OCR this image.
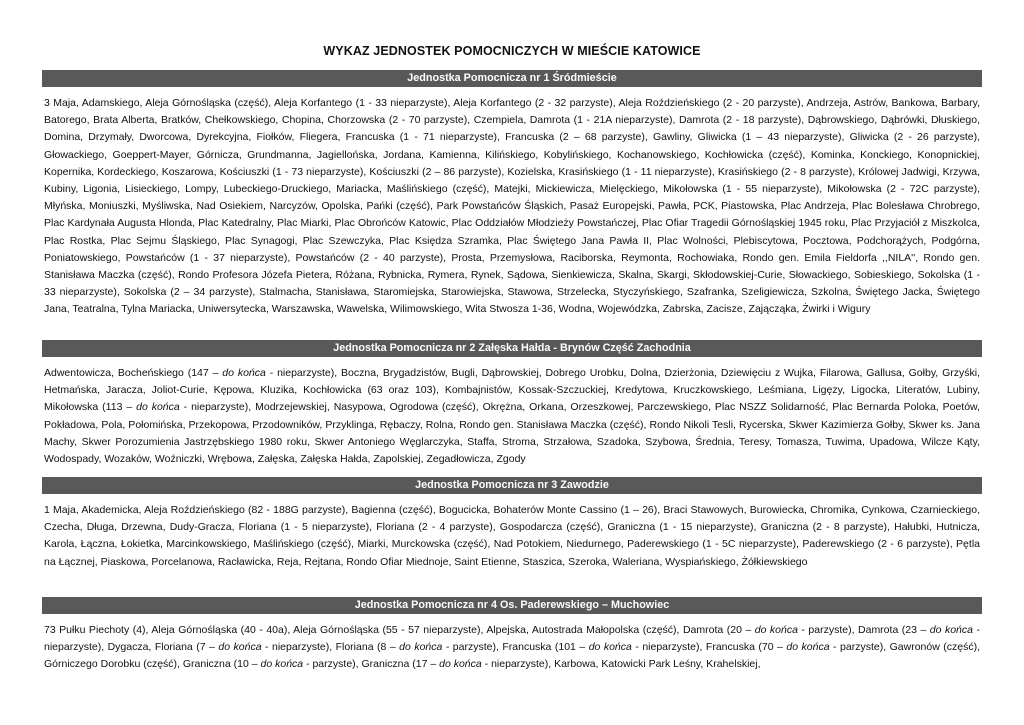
WYKAZ JEDNOSTEK POMOCNICZYCH W MIEŚCIE KATOWICE
Jednostka Pomocnicza nr 1 Śródmieście
3 Maja, Adamskiego, Aleja Górnośląska (część), Aleja Korfantego (1 - 33 nieparzyste), Aleja Korfantego (2 - 32 parzyste), Aleja Roździeńskiego (2 - 20 parzyste), Andrzeja, Astrów, Bankowa, Barbary, Batorego, Brata Alberta, Bratków, Chełkowskiego, Chopina, Chorzowska (2 - 70 parzyste), Czempiela, Damrota (1 - 21A nieparzyste), Damrota (2 - 18 parzyste), Dąbrowskiego, Dąbrówki, Dłuskiego, Domina, Drzymały, Dworcowa, Dyrekcyjna, Fiołków, Fliegera, Francuska (1 - 71 nieparzyste), Francuska (2 – 68 parzyste), Gawliny, Gliwicka (1 – 43 nieparzyste), Gliwicka (2 - 26 parzyste), Głowackiego, Goeppert-Mayer, Górnicza, Grundmanna, Jagiellońska, Jordana, Kamienna, Kilińskiego, Kobylińskiego, Kochanowskiego, Kochłowicka (część), Kominka, Konckiego, Konopnickiej, Kopernika, Kordeckiego, Koszarowa, Kościuszki (1 - 73 nieparzyste), Kościuszki (2 – 86 parzyste), Kozielska, Krasińskiego (1 - 11 nieparzyste), Krasińskiego (2 - 8 parzyste), Królowej Jadwigi, Krzywa, Kubiny, Ligonia, Lisieckiego, Lompy, Lubeckiego-Druckiego, Mariacka, Maślińskiego (część), Matejki, Mickiewicza, Mielęckiego, Mikołowska (1 - 55 nieparzyste), Mikołowska (2 - 72C parzyste), Młyńska, Moniuszki, Myśliwska, Nad Osiekiem, Narcyzów, Opolska, Pańki (część), Park Powstańców Śląskich, Pasaż Europejski, Pawła, PCK, Piastowska, Plac Andrzeja, Plac Bolesława Chrobrego, Plac Kardynała Augusta Hlonda, Plac Katedralny, Plac Miarki, Plac Obrońców Katowic, Plac Oddziałów Młodzieży Powstańczej, Plac Ofiar Tragedii Górnośląskiej 1945 roku, Plac Przyjaciół z Miszkolca, Plac Rostka, Plac Sejmu Śląskiego, Plac Synagogi, Plac Szewczyka, Plac Księdza Szramka, Plac Świętego Jana Pawła II, Plac Wolności, Plebiscytowa, Pocztowa, Podchorążych, Podgórna, Poniatowskiego, Powstańców (1 - 37 nieparzyste), Powstańców (2 - 40 parzyste), Prosta, Przemysłowa, Raciborska, Reymonta, Rochowiaka, Rondo gen. Emila Fieldorfa ,,NILA'', Rondo gen. Stanisława Maczka (część), Rondo Profesora Józefa Pietera, Różana, Rybnicka, Rymera, Rynek, Sądowa, Sienkiewicza, Skalna, Skargi, Skłodowskiej-Curie, Słowackiego, Sobieskiego, Sokolska (1 - 33 nieparzyste), Sokolska (2 – 34 parzyste), Stalmacha, Stanisława, Staromiejska, Starowiejska, Stawowa, Strzelecka, Styczyńskiego, Szafranka, Szeligiewicza, Szkolna, Świętego Jacka, Świętego Jana, Teatralna, Tylna Mariacka, Uniwersytecka, Warszawska, Wawelska, Wilimowskiego, Wita Stwosza 1-36, Wodna, Wojewódzka, Zabrska, Zacisze, Zającząka, Żwirki i Wigury
Jednostka Pomocnicza nr 2 Załęska Hałda - Brynów Część Zachodnia
Adwentowicza, Bocheńskiego (147 – do końca - nieparzyste), Boczna, Brygadzistów, Bugli, Dąbrowskiej, Dobrego Urobku, Dolna, Dzierżonia, Dziewięciu z Wujka, Filarowa, Gallusa, Gołby, Grzyśki, Hetmańska, Jaracza, Joliot-Curie, Kępowa, Kluzika, Kochłowicka (63 oraz 103), Kombajnistów, Kossak-Szczuckiej, Kredytowa, Kruczkowskiego, Leśmiana, Ligęzy, Ligocka, Literatów, Lubiny, Mikołowska (113 – do końca - nieparzyste), Modrzejewskiej, Nasypowa, Ogrodowa (część), Okrężna, Orkana, Orzeszkowej, Parczewskiego, Plac NSZZ Solidarność, Plac Bernarda Poloka, Poetów, Pokładowa, Pola, Połomińska, Przekopowa, Przodowników, Przyklinga, Rębaczy, Rolna, Rondo gen. Stanisława Maczka (część), Rondo Nikoli Tesli, Rycerska, Skwer Kazimierza Gołby, Skwer ks. Jana Machy, Skwer Porozumienia Jastrzębskiego 1980 roku, Skwer Antoniego Węglarczyka, Staffa, Stroma, Strzałowa, Szadoka, Szybowa, Średnia, Teresy, Tomasza, Tuwima, Upadowa, Wilcze Kąty, Wodospady, Wozaków, Woźniczki, Wrębowa, Załęska, Załęska Hałda, Zapolskiej, Zegadłowicza, Zgody
Jednostka Pomocnicza nr 3 Zawodzie
1 Maja, Akademicka, Aleja Roździeńskiego (82 - 188G parzyste), Bagienna (część), Bogucicka, Bohaterów Monte Cassino (1 – 26), Braci Stawowych, Burowiecka, Chromika, Cynkowa, Czarnieckiego, Czecha, Długa, Drzewna, Dudy-Gracza, Floriana (1 - 5 nieparzyste), Floriana (2 - 4 parzyste), Gospodarcza (część), Graniczna (1 - 15 nieparzyste), Graniczna (2 - 8 parzyste), Hałubki, Hutnicza, Karola, Łączna, Łokietka, Marcinkowskiego, Maślińskiego (część), Miarki, Murckowska (część), Nad Potokiem, Niedurnego, Paderewskiego (1 - 5C nieparzyste), Paderewskiego (2 - 6 parzyste), Pętla na Łącznej, Piaskowa, Porcelanowa, Racławicka, Reja, Rejtana, Rondo Ofiar Miednoje, Saint Etienne, Staszica, Szeroka, Waleriana, Wyspiańskiego, Żółkiewskiego
Jednostka Pomocnicza nr 4 Os. Paderewskiego – Muchowiec
73 Pułku Piechoty (4), Aleja Górnośląska (40 - 40a), Aleja Górnośląska (55 - 57 nieparzyste), Alpejska, Autostrada Małopolska (część), Damrota (20 – do końca - parzyste), Damrota (23 – do końca - nieparzyste), Dygacza, Floriana (7 – do końca - nieparzyste), Floriana (8 – do końca - parzyste), Francuska (101 – do końca - nieparzyste), Francuska (70 – do końca - parzyste), Gawronów (część), Górniczego Dorobku (część), Graniczna (10 – do końca - parzyste), Graniczna (17 – do końca - nieparzyste), Karbowa, Katowicki Park Leśny, Krahelskiej,
